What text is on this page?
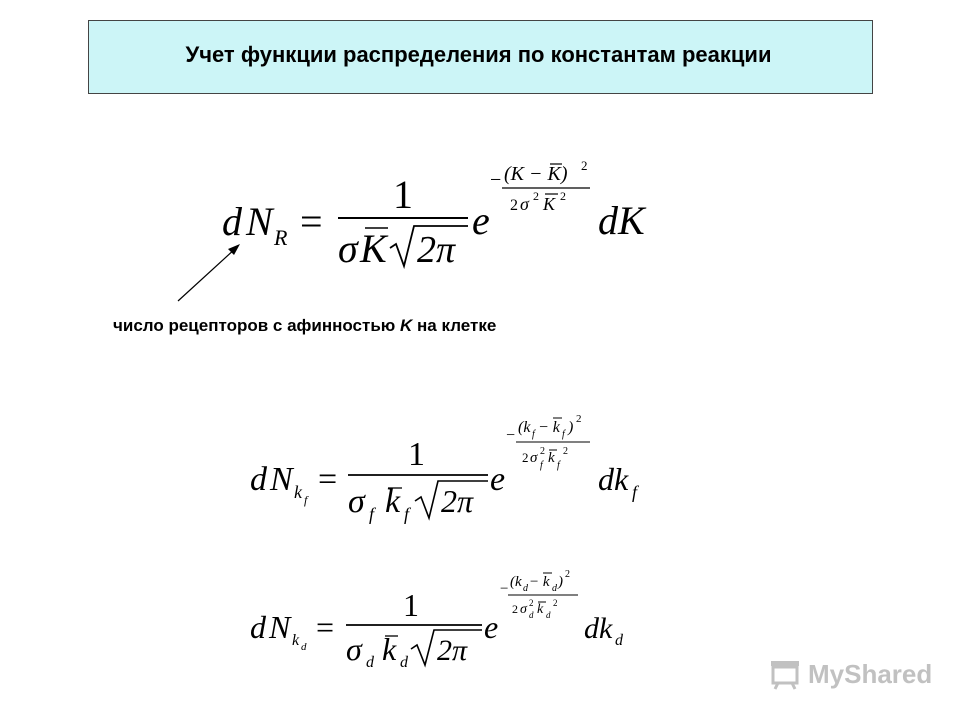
Учет функции распределения по константам реакции
d N R =
1
σ K 2π
e
− (K − K) 2
2 σ 2 K 2
dK
число рецепторов с афинностью K на клетке
d N k f
=
1
σ f k f 2π
e
− (k f − k f ) 2
2 σ 2
f k f
2
dk f
d N k d
=
1
σ d k d 2π
e
− (k d − k d ) 2
2 σ 2
d k d
2
dk d
MyShared
